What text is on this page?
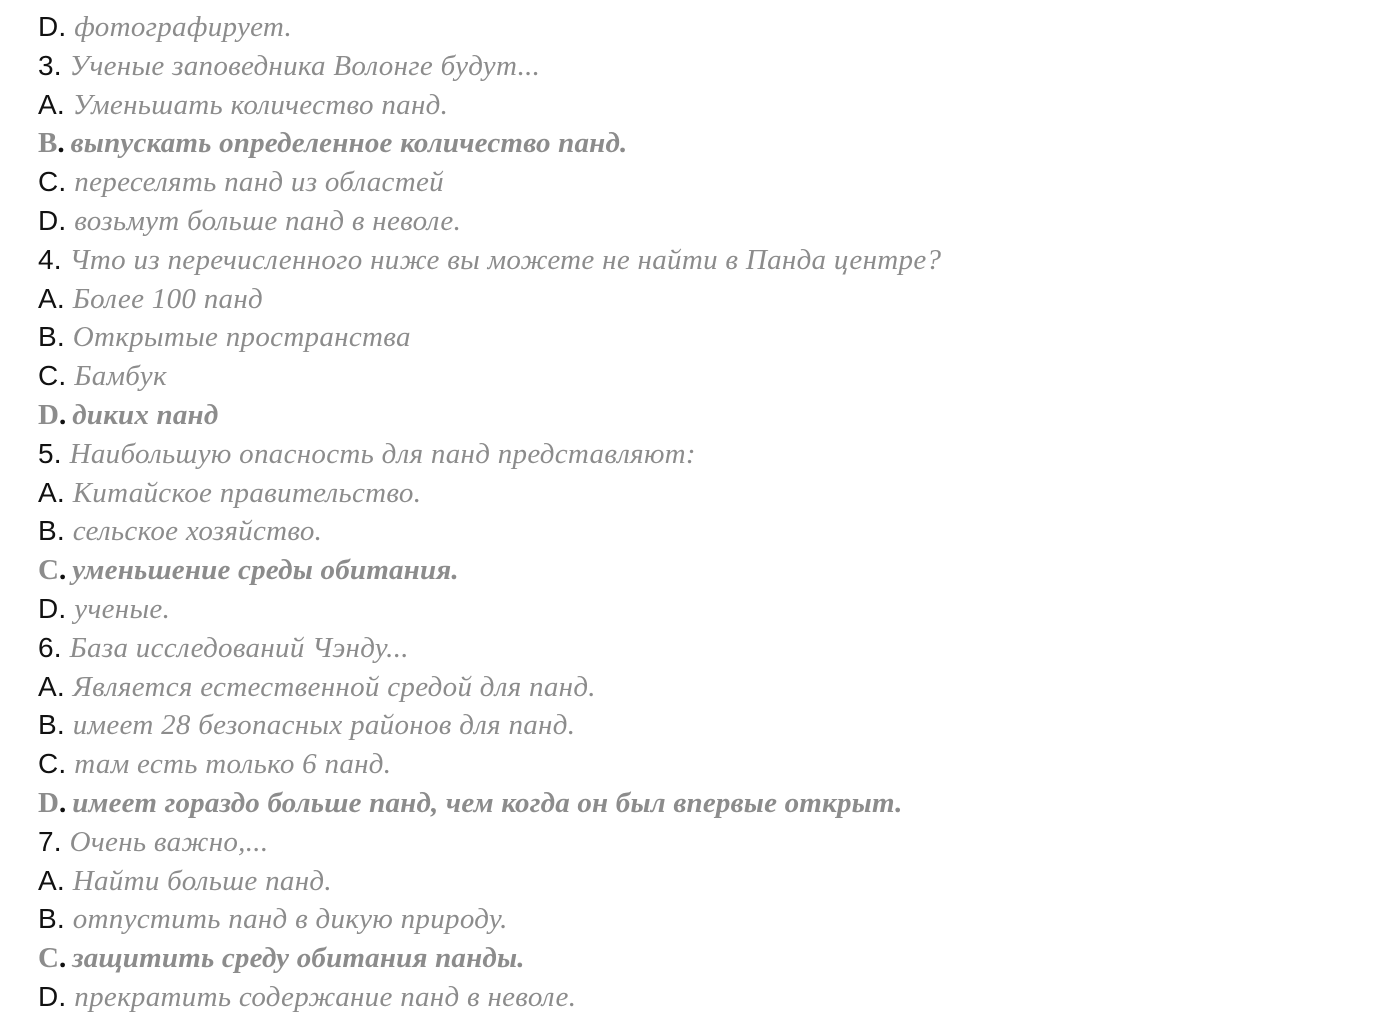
D. фотографирует.
3. Ученые заповедника Волонге будут...
A. Уменьшать количество панд.
B. выпускать определенное количество панд.
C. переселять панд из областей
D. возьмут больше панд в неволе.
4. Что из перечисленного ниже вы можете не найти в Панда центре?
A. Более 100 панд
B. Открытые пространства
C. Бамбук
D. диких панд
5. Наибольшую опасность для панд представляют:
A. Китайское правительство.
B. сельское хозяйство.
C. уменьшение среды обитания.
D. ученые.
6. База исследований Чэнду...
A. Является естественной средой для панд.
B. имеет 28 безопасных районов для панд.
C. там есть только 6 панд.
D. имеет гораздо больше панд, чем когда он был впервые открыт.
7. Очень важно,...
A. Найти больше панд.
B. отпустить панд в дикую природу.
C. защитить среду обитания панды.
D. прекратить содержание панд в неволе.
